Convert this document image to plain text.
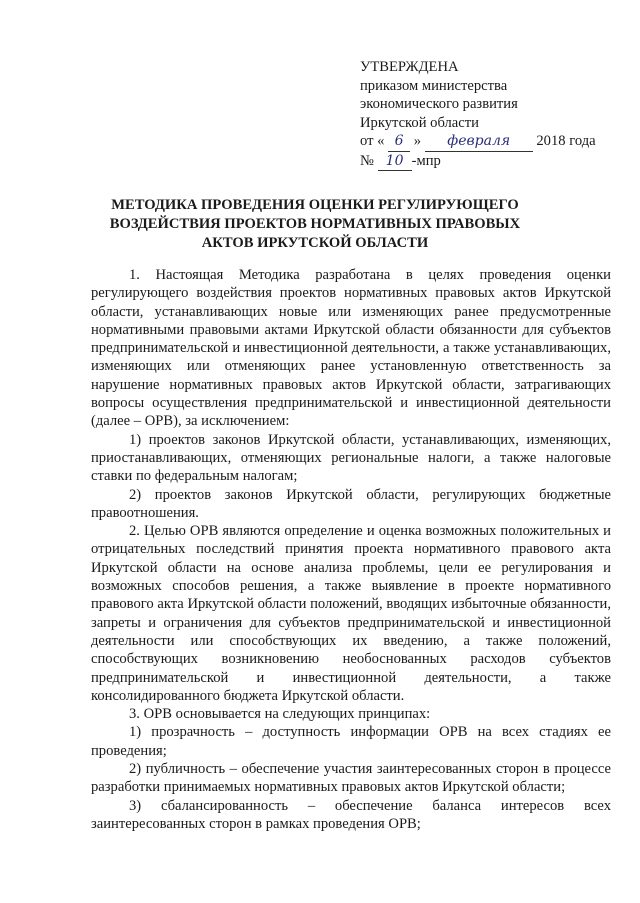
УТВЕРЖДЕНА
приказом министерства
экономического развития
Иркутской области
от « 6 » февраля 2018 года
№ 10 -мпр
МЕТОДИКА ПРОВЕДЕНИЯ ОЦЕНКИ РЕГУЛИРУЮЩЕГО ВОЗДЕЙСТВИЯ ПРОЕКТОВ НОРМАТИВНЫХ ПРАВОВЫХ АКТОВ ИРКУТСКОЙ ОБЛАСТИ

1. Настоящая Методика разработана в целях проведения оценки регулирующего воздействия проектов нормативных правовых актов Иркутской области, устанавливающих новые или изменяющих ранее предусмотренные нормативными правовыми актами Иркутской области обязанности для субъектов предпринимательской и инвестиционной деятельности, а также устанавливающих, изменяющих или отменяющих ранее установленную ответственность за нарушение нормативных правовых актов Иркутской области, затрагивающих вопросы осуществления предпринимательской и инвестиционной деятельности (далее – ОРВ), за исключением:

1) проектов законов Иркутской области, устанавливающих, изменяющих, приостанавливающих, отменяющих региональные налоги, а также налоговые ставки по федеральным налогам;

2) проектов законов Иркутской области, регулирующих бюджетные правоотношения.

2. Целью ОРВ являются определение и оценка возможных положительных и отрицательных последствий принятия проекта нормативного правового акта Иркутской области на основе анализа проблемы, цели ее регулирования и возможных способов решения, а также выявление в проекте нормативного правового акта Иркутской области положений, вводящих избыточные обязанности, запреты и ограничения для субъектов предпринимательской и инвестиционной деятельности или способствующих их введению, а также положений, способствующих возникновению необоснованных расходов субъектов предпринимательской и инвестиционной деятельности, а также консолидированного бюджета Иркутской области.

3. ОРВ основывается на следующих принципах:

1) прозрачность – доступность информации ОРВ на всех стадиях ее проведения;

2) публичность – обеспечение участия заинтересованных сторон в процессе разработки принимаемых нормативных правовых актов Иркутской области;

3) сбалансированность – обеспечение баланса интересов всех заинтересованных сторон в рамках проведения ОРВ;
